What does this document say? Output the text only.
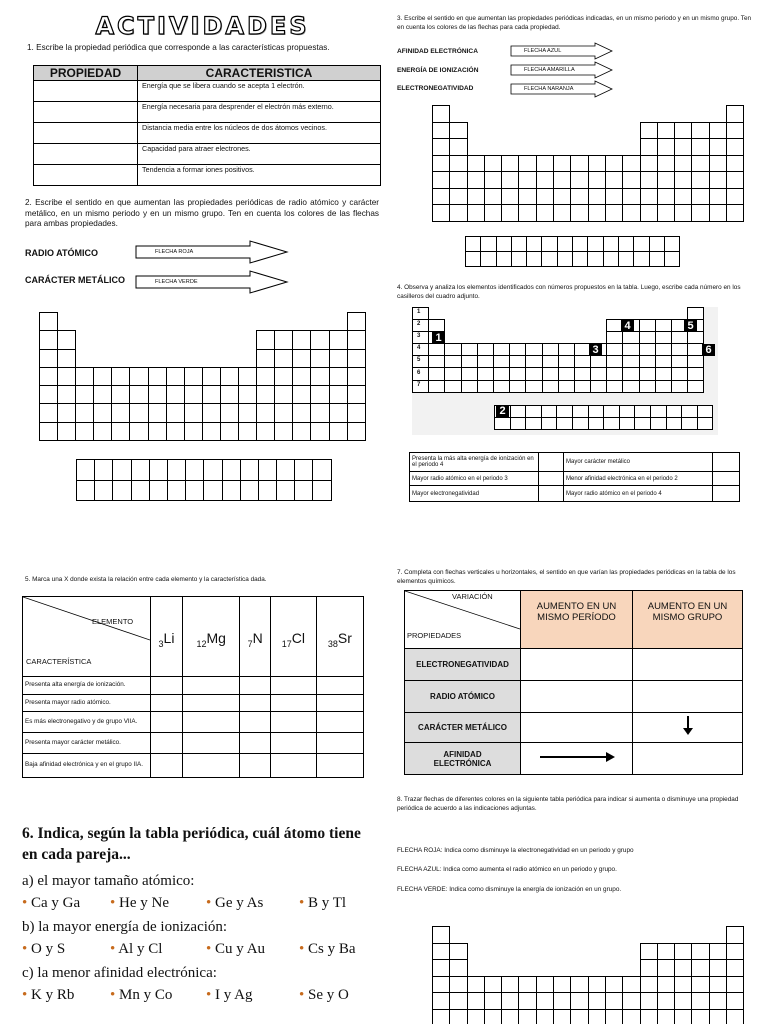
ACTIVIDADES
1. Escribe la propiedad periódica que corresponde a las características propuestas.
PROPIEDAD	CARACTERISTICA
	Energía que se libera cuando se acepta 1 electrón.
	Energía necesaria para desprender el electrón más externo.
	Distancia media entre los núcleos de dos átomos vecinos.
	Capacidad para atraer electrones.
	Tendencia a formar iones positivos.
2. Escribe el sentido en que aumentan las propiedades periódicas de radio atómico y carácter metálico, en un mismo periodo y en un mismo grupo. Ten en cuenta los colores de las flechas para ambas propiedades.
RADIO ATÓMICO	FLECHA ROJA
CARÁCTER METÁLICO	FLECHA VERDE
3. Escribe el sentido en que aumentan las propiedades periódicas indicadas, en un mismo periodo y en un mismo grupo. Ten en cuenta los colores de las flechas para cada propiedad.
AFINIDAD ELECTRÓNICA	FLECHA AZUL
ENERGÍA DE IONIZACIÓN	FLECHA AMARILLA
ELECTRONEGATIVIDAD	FLECHA NARANJA
4. Observa y analiza los elementos identificados con números propuestos en la tabla. Luego, escribe cada número en los casilleros del cuadro adjunto.
1
2
3
4
5
6
7
1
2
3
4	5
6
Presenta la más alta energía de ionización en el periodo 4		Mayor carácter metálico	
Mayor radio atómico en el periodo 3		Menor afinidad electrónica en el periodo 2	
Mayor electronegatividad		Mayor radio atómico en el periodo 4	
5. Marca una X donde exista la relación entre cada elemento y la característica dada.
ELEMENTO
CARACTERÍSTICA	$_3$Li	$_{12}$Mg	$_7$N	$_{17}$Cl	$_{38}$Sr
Presenta alta energía de ionización.					
Presenta mayor radio atómico.					
Es más electronegativo y de grupo VIIA.					
Presenta mayor carácter metálico.					
Baja afinidad electrónica y en el grupo IIA.					
6. Indica, según la tabla periódica, cuál átomo tiene en cada pareja...
a) el mayor tamaño atómico:
• Ca y Ga	• He y Ne	• Ge y As	• B y Tl
b) la mayor energía de ionización:
• O y S	• Al y Cl	• Cu y Au	• Cs y Ba
c) la menor afinidad electrónica:
• K y Rb	• Mn y Co	• I y Ag	• Se y O
7. Completa con flechas verticales u horizontales, el sentido en que varían las propiedades periódicas en la tabla de los elementos químicos.
VARIACIÓN
PROPIEDADES	AUMENTO EN UN MISMO PERÍODO	AUMENTO EN UN MISMO GRUPO
ELECTRONEGATIVIDAD		
RADIO ATÓMICO		
CARÁCTER METÁLICO		
AFINIDAD ELECTRÓNICA		
8. Trazar flechas de diferentes colores en la siguiente tabla periódica para indicar si aumenta o disminuye una propiedad periódica de acuerdo a las indicaciones adjuntas.
FLECHA ROJA: Indica como disminuye la electronegatividad en un periodo y grupo
FLECHA AZUL: Indica como aumenta el radio atómico en un periodo y grupo.
FLECHA VERDE: Indica como disminuye la energía de ionización en un grupo.
